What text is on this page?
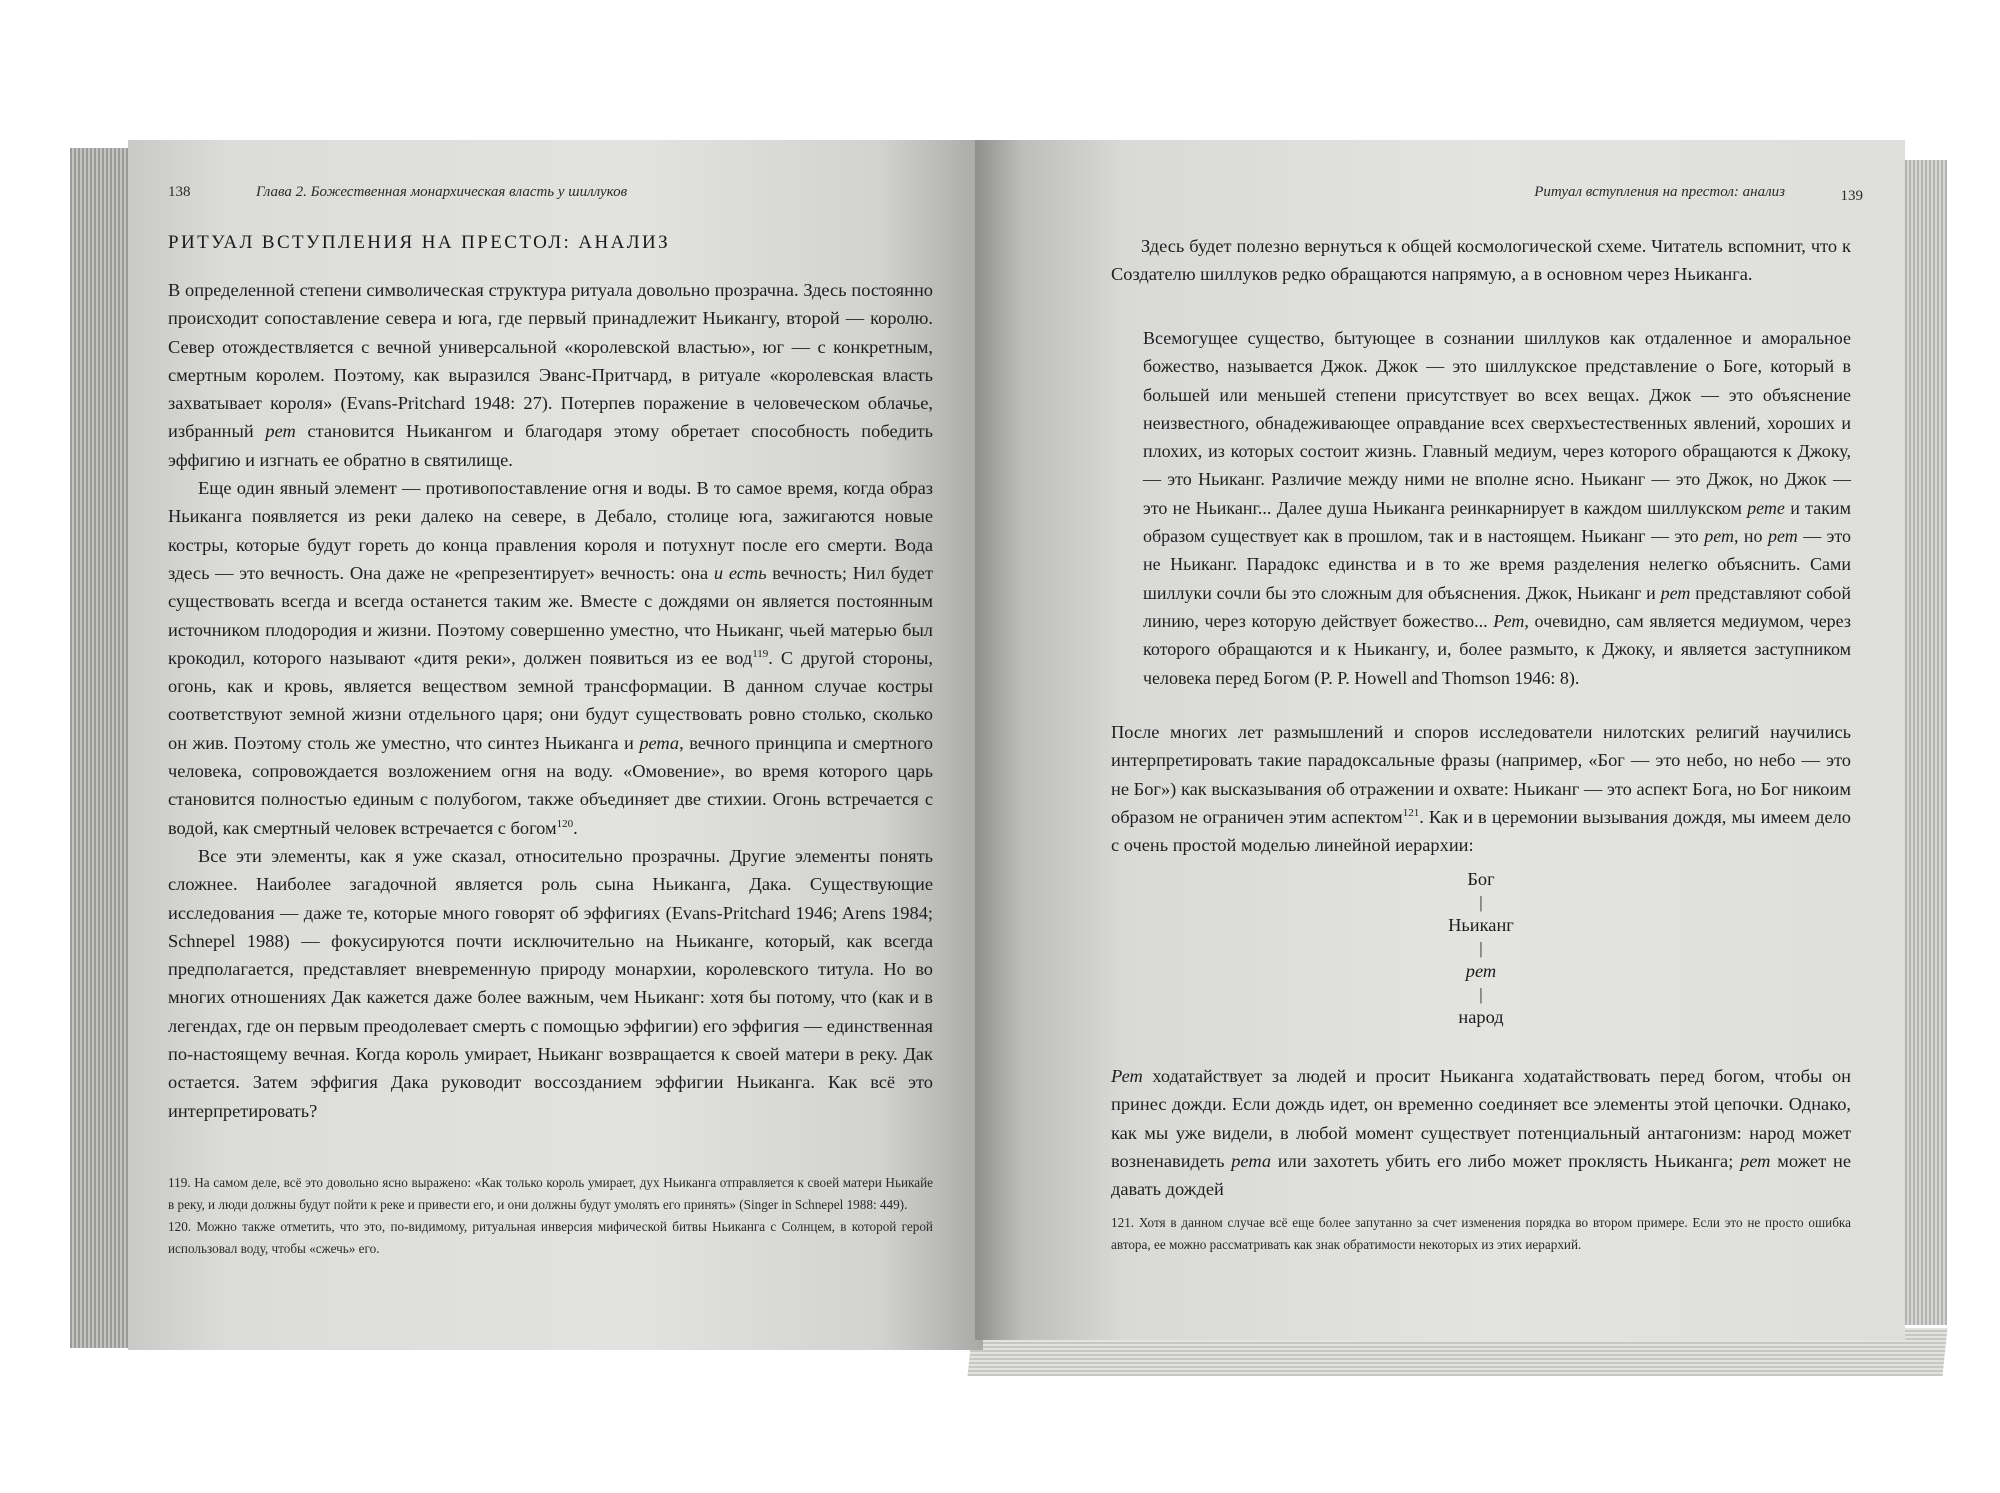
138	Глава 2. Божественная монархическая власть у шиллуков
РИТУАЛ ВСТУПЛЕНИЯ НА ПРЕСТОЛ: АНАЛИЗ

В определенной степени символическая структура ритуала довольно прозрачна. Здесь постоянно происходит сопоставление севера и юга, где первый принадлежит Ньикангу, второй — королю. Север отождествляется с вечной универсальной «королевской властью», юг — с конкретным, смертным королем. Поэтому, как выразился Эванс-Притчард, в ритуале «королевская власть захватывает короля» (Evans-Pritchard 1948: 27). Потерпев поражение в человеческом облачье, избранный рет становится Ньикангом и благодаря этому обретает способность победить эффигию и изгнать ее обратно в святилище.

Еще один явный элемент — противопоставление огня и воды. В то самое время, когда образ Ньиканга появляется из реки далеко на севере, в Дебало, столице юга, зажигаются новые костры, которые будут гореть до конца правления короля и потухнут после его смерти. Вода здесь — это вечность. Она даже не «репрезентирует» вечность: она и есть вечность; Нил будет существовать всегда и всегда останется таким же. Вместе с дождями он является постоянным источником плодородия и жизни. Поэтому совершенно уместно, что Ньиканг, чьей матерью был крокодил, которого называют «дитя реки», должен появиться из ее вод$^{119}$. С другой стороны, огонь, как и кровь, является веществом земной трансформации. В данном случае костры соответствуют земной жизни отдельного царя; они будут существовать ровно столько, сколько он жив. Поэтому столь же уместно, что синтез Ньиканга и рета, вечного принципа и смертного человека, сопровождается возложением огня на воду. «Омовение», во время которого царь становится полностью единым с полубогом, также объединяет две стихии. Огонь встречается с водой, как смертный человек встречается с богом$^{120}$.

Все эти элементы, как я уже сказал, относительно прозрачны. Другие элементы понять сложнее. Наиболее загадочной является роль сына Ньиканга, Дака. Существующие исследования — даже те, которые много говорят об эффигиях (Evans-Pritchard 1946; Arens 1984; Schnepel 1988) — фокусируются почти исключительно на Ньиканге, который, как всегда предполагается, представляет вневременную природу монархии, королевского титула. Но во многих отношениях Дак кажется даже более важным, чем Ньиканг: хотя бы потому, что (как и в легендах, где он первым преодолевает смерть с помощью эффигии) его эффигия — единственная по-настоящему вечная. Когда король умирает, Ньиканг возвращается к своей матери в реку. Дак остается. Затем эффигия Дака руководит воссозданием эффигии Ньиканга. Как всё это интерпретировать?

119. На самом деле, всё это довольно ясно выражено: «Как только король умирает, дух Ньиканга отправляется к своей матери Ньикайе в реку, и люди должны будут пойти к реке и привести его, и они должны будут умолять его принять» (Singer in Schnepel 1988: 449).

120. Можно также отметить, что это, по-видимому, ритуальная инверсия мифической битвы Ньиканга с Солнцем, в которой герой использовал воду, чтобы «сжечь» его.

Ритуал вступления на престол: анализ	139

Здесь будет полезно вернуться к общей космологической схеме. Читатель вспомнит, что к Создателю шиллуков редко обращаются напрямую, а в основном через Ньиканга.

Всемогущее существо, бытующее в сознании шиллуков как отдаленное и аморальное божество, называется Джок. Джок — это шиллукское представление о Боге, который в большей или меньшей степени присутствует во всех вещах. Джок — это объяснение неизвестного, обнадеживающее оправдание всех сверхъестественных явлений, хороших и плохих, из которых состоит жизнь. Главный медиум, через которого обращаются к Джоку, — это Ньиканг. Различие между ними не вполне ясно. Ньиканг — это Джок, но Джок — это не Ньиканг... Далее душа Ньиканга реинкарнирует в каждом шиллукском рете и таким образом существует как в прошлом, так и в настоящем. Ньиканг — это рет, но рет — это не Ньиканг. Парадокс единства и в то же время разделения нелегко объяснить. Сами шиллуки сочли бы это сложным для объяснения. Джок, Ньиканг и рет представляют собой линию, через которую действует божество... Рет, очевидно, сам является медиумом, через которого обращаются и к Ньикангу, и, более размыто, к Джоку, и является заступником человека перед Богом (P. P. Howell and Thomson 1946: 8).

После многих лет размышлений и споров исследователи нилотских религий научились интерпретировать такие парадоксальные фразы (например, «Бог — это небо, но небо — это не Бог») как высказывания об отражении и охвате: Ньиканг — это аспект Бога, но Бог никоим образом не ограничен этим аспектом$^{121}$. Как и в церемонии вызывания дождя, мы имеем дело с очень простой моделью линейной иерархии:

Бог
|
Ньиканг
|
рет
|
народ

Рет ходатайствует за людей и просит Ньиканга ходатайствовать перед богом, чтобы он принес дожди. Если дождь идет, он временно соединяет все элементы этой цепочки. Однако, как мы уже видели, в любой момент существует потенциальный антагонизм: народ может возненавидеть рета или захотеть убить его либо может проклясть Ньиканга; рет может не давать дождей

121. Хотя в данном случае всё еще более запутанно за счет изменения порядка во втором примере. Если это не просто ошибка автора, ее можно рассматривать как знак обратимости некоторых из этих иерархий.
